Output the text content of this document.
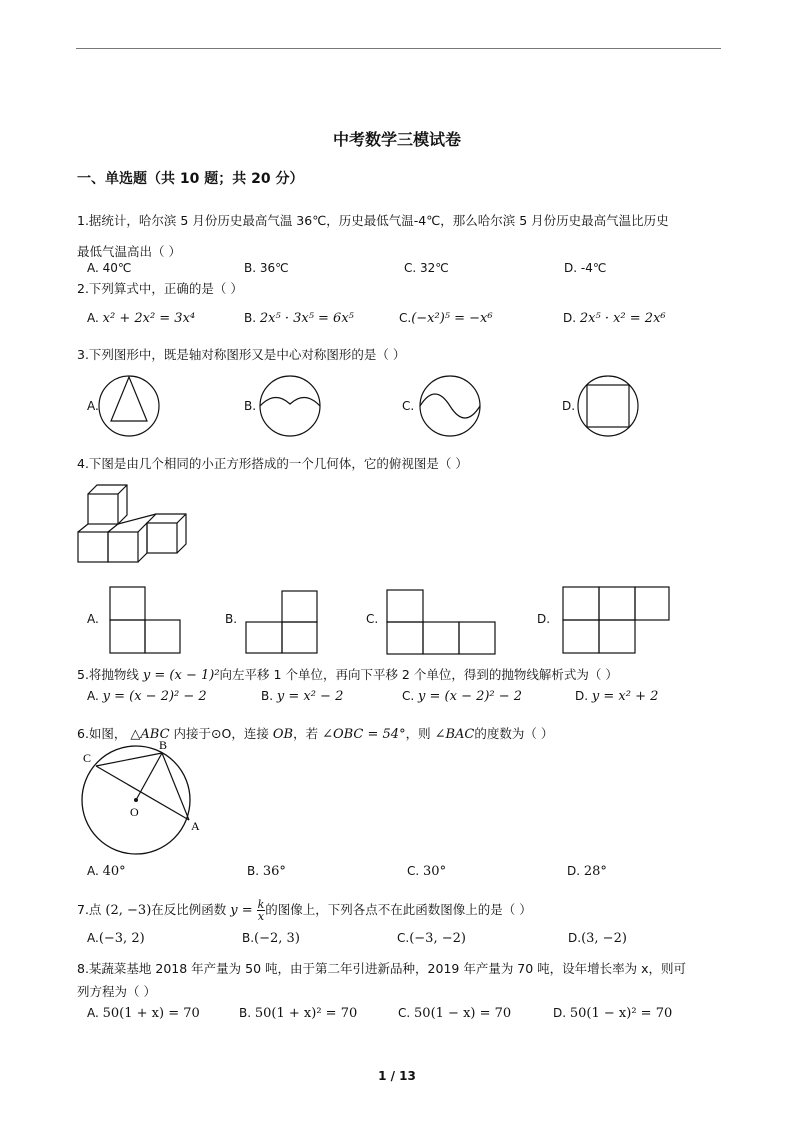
中考数学三模试卷
一、单选题（共 10 题；共 20 分）
1.据统计，哈尔滨 5 月份历史最高气温 36℃，历史最低气温-4℃，那么哈尔滨 5 月份历史最高气温比历史
最低气温高出（ ）
A. 40℃	B. 36℃	C. 32℃	D. -4℃
2.下列算式中，正确的是（ ）
A. x² + 2x² = 3x⁴	B. 2x⁵ · 3x⁵ = 6x⁵	C.(−x²)⁵ = −x⁶	D. 2x⁵ · x² = 2x⁶
3.下列图形中，既是轴对称图形又是中心对称图形的是（ ）
A.	B.	C.	D.
4.下图是由几个相同的小正方形搭成的一个几何体，它的俯视图是（ ）
A.	B.	C.	D.
5.将抛物线 y = (x − 1)²向左平移 1 个单位，再向下平移 2 个单位，得到的抛物线解析式为（ ）
A. y = (x − 2)² − 2	B. y = x² − 2	C. y = (x − 2)² − 2	D. y = x² + 2
6.如图， △ABC 内接于⊙O，连接 OB，若 ∠OBC = 54°，则 ∠BAC的度数为（ ）
C
B
O
A
A. 40°	B. 36°	C. 30°	D. 28°
7.点 (2, −3)在反比例函数 $y = \frac{k}{x}$ 的图像上，下列各点不在此函数图像上的是（ ）
A.(−3, 2)	B.(−2, 3)	C.(−3, −2)	D.(3, −2)
8.某蔬菜基地 2018 年产量为 50 吨，由于第二年引进新品种，2019 年产量为 70 吨，设年增长率为 x，则可
列方程为（ ）
A. 50(1 + x) = 70	B. 50(1 + x)² = 70	C. 50(1 − x) = 70	D. 50(1 − x)² = 70
1 / 13
